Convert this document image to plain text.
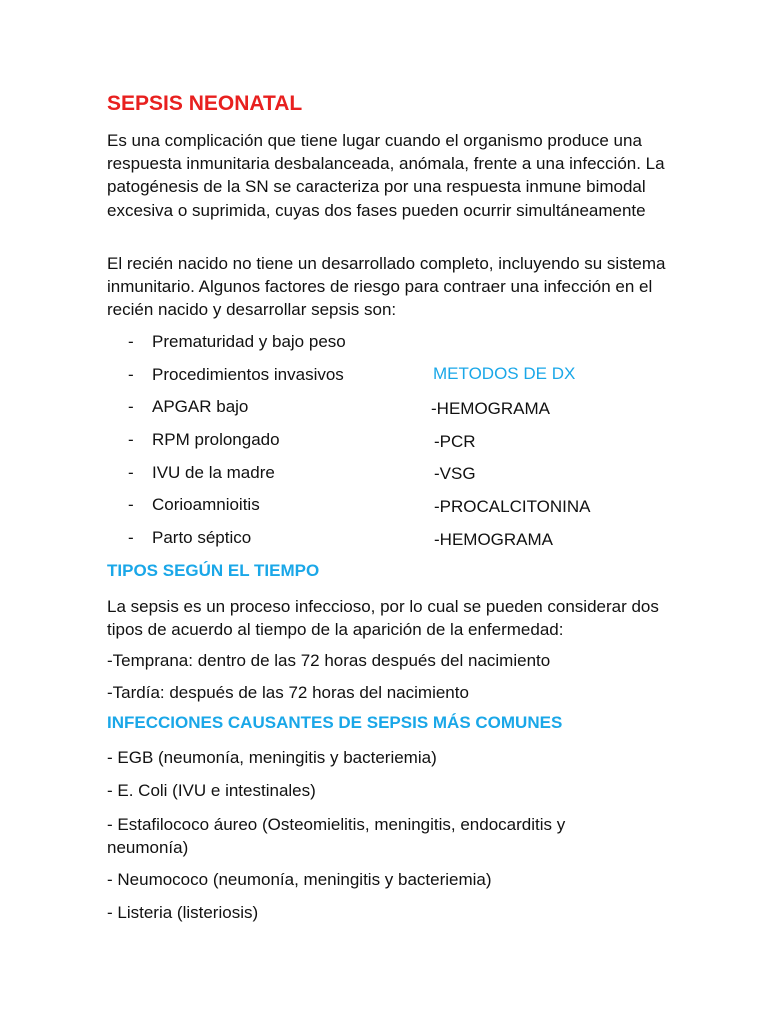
SEPSIS NEONATAL

Es una complicación que tiene lugar cuando el organismo produce una respuesta inmunitaria desbalanceada, anómala, frente a una infección. La patogénesis de la SN se caracteriza por una respuesta inmune bimodal excesiva o suprimida, cuyas dos fases pueden ocurrir simultáneamente

El recién nacido no tiene un desarrollado completo, incluyendo su sistema inmunitario. Algunos factores de riesgo para contraer una infección en el recién nacido y desarrollar sepsis son:

- Prematuridad y bajo peso
- Procedimientos invasivos
- APGAR bajo
- RPM prolongado
- IVU de la madre
- Corioamnioitis
- Parto séptico
METODOS DE DX
-HEMOGRAMA
-PCR
-VSG
-PROCALCITONINA
-HEMOGRAMA
TIPOS SEGÚN EL TIEMPO

La sepsis es un proceso infeccioso, por lo cual se pueden considerar dos tipos de acuerdo al tiempo de la aparición de la enfermedad:

-Temprana: dentro de las 72 horas después del nacimiento

-Tardía: después de las 72 horas del nacimiento

INFECCIONES CAUSANTES DE SEPSIS MÁS COMUNES

- EGB (neumonía, meningitis y bacteriemia)

- E. Coli (IVU e intestinales)

- Estafilococo áureo (Osteomielitis, meningitis, endocarditis y neumonía)

- Neumococo (neumonía, meningitis y bacteriemia)

- Listeria (listeriosis)
